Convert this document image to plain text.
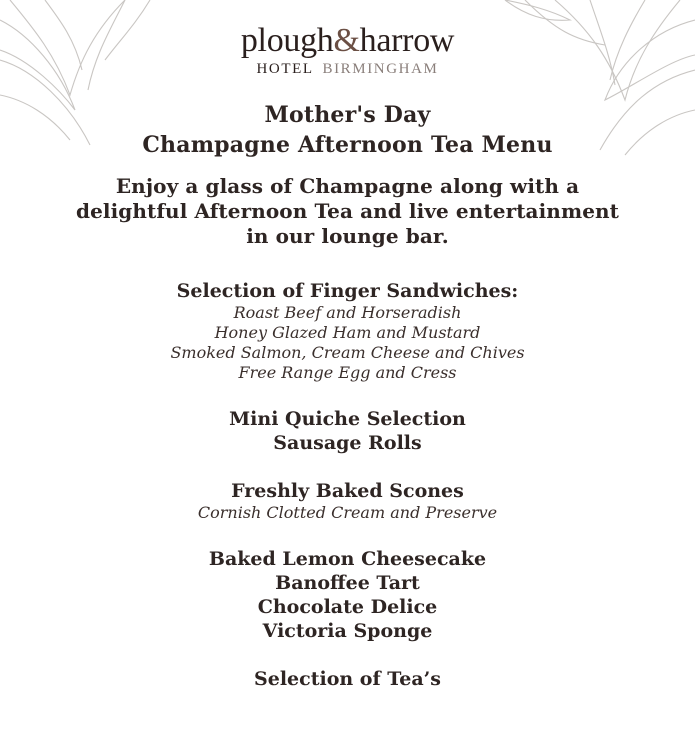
plough&harrow
HOTEL BIRMINGHAM
Mother's Day
Champagne Afternoon Tea Menu
Enjoy a glass of Champagne along with a
delightful Afternoon Tea and live entertainment
in our lounge bar.
Selection of Finger Sandwiches:
Roast Beef and Horseradish
Honey Glazed Ham and Mustard
Smoked Salmon, Cream Cheese and Chives
Free Range Egg and Cress
Mini Quiche Selection
Sausage Rolls
Freshly Baked Scones
Cornish Clotted Cream and Preserve
Baked Lemon Cheesecake
Banoffee Tart
Chocolate Delice
Victoria Sponge
Selection of Tea’s
